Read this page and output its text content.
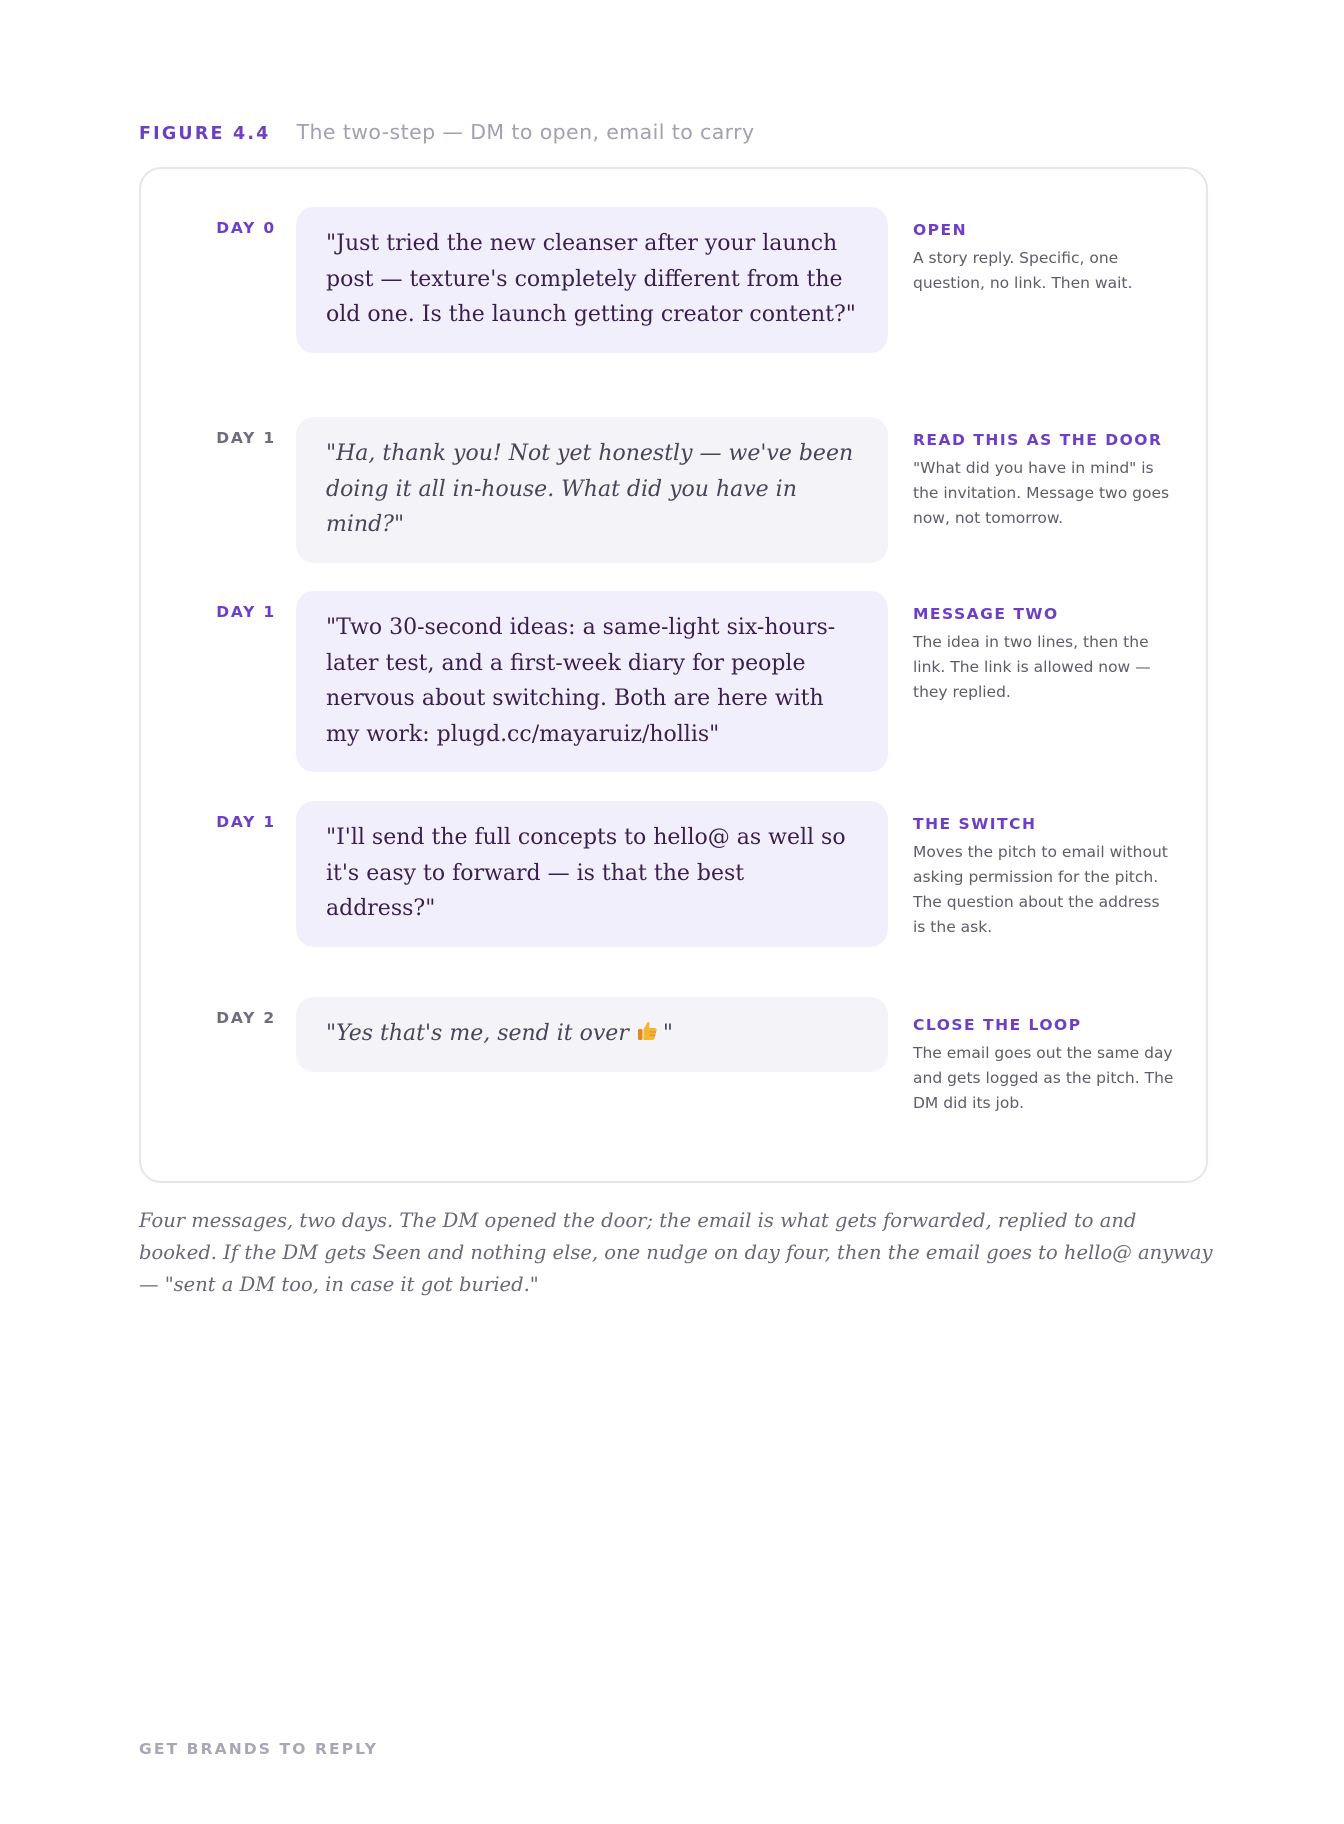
FIGURE 4.4 The two-step — DM to open, email to carry
DAY 0
"Just tried the new cleanser after your launch post — texture's completely different from the old one. Is the launch getting creator content?"
OPEN
A story reply. Specific, one question, no link. Then wait.
DAY 1
"Ha, thank you! Not yet honestly — we've been doing it all in-house. What did you have in mind?"
READ THIS AS THE DOOR
"What did you have in mind" is the invitation. Message two goes now, not tomorrow.
DAY 1
"Two 30-second ideas: a same-light six-hours-later test, and a first-week diary for people nervous about switching. Both are here with my work: plugd.cc/mayaruiz/hollis"
MESSAGE TWO
The idea in two lines, then the link. The link is allowed now — they replied.
DAY 1
"I'll send the full concepts to hello@ as well so it's easy to forward — is that the best address?"
THE SWITCH
Moves the pitch to email without asking permission for the pitch. The question about the address is the ask.
DAY 2
"Yes that's me, send it over "	CLOSE THE LOOP
The email goes out the same day and gets logged as the pitch. The DM did its job.
Four messages, two days. The DM opened the door; the email is what gets forwarded, replied to and booked. If the DM gets Seen and nothing else, one nudge on day four, then the email goes to hello@ anyway — "sent a DM too, in case it got buried."
GET BRANDS TO REPLY
